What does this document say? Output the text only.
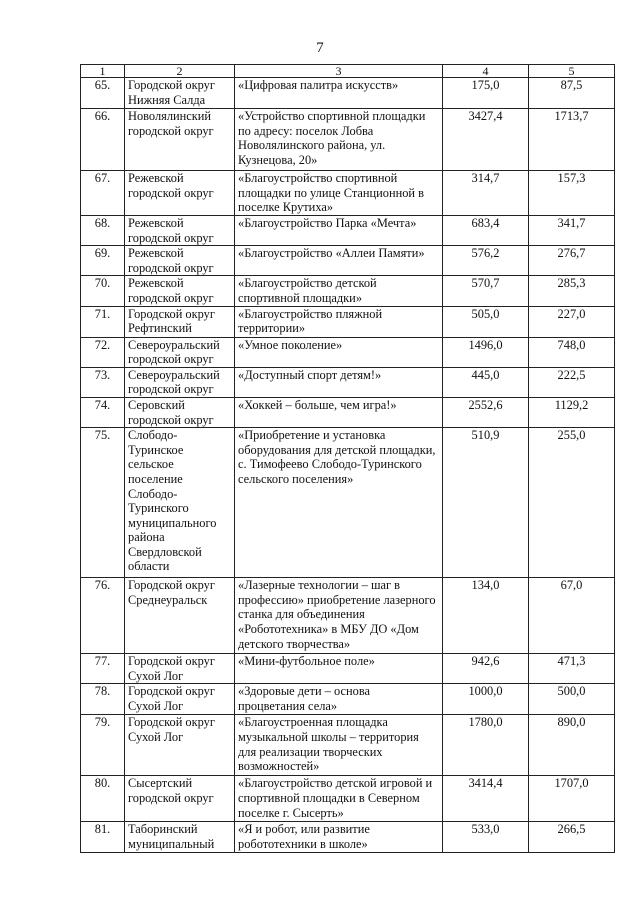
7
1	2	3	4	5
65.	Городской округ Нижняя Салда	«Цифровая палитра искусств»	175,0	87,5
66.	Новолялинский городской округ	«Устройство спортивной площадки по адресу: поселок Лобва Новолялинского района, ул. Кузнецова, 20»	3427,4	1713,7
67.	Режевской городской округ	«Благоустройство спортивной площадки по улице Станционной в поселке Крутиха»	314,7	157,3
68.	Режевской городской округ	«Благоустройство Парка «Мечта»	683,4	341,7
69.	Режевской городской округ	«Благоустройство «Аллеи Памяти»	576,2	276,7
70.	Режевской городской округ	«Благоустройство детской спортивной площадки»	570,7	285,3
71.	Городской округ Рефтинский	«Благоустройство пляжной территории»	505,0	227,0
72.	Североуральский городской округ	«Умное поколение»	1496,0	748,0
73.	Североуральский городской округ	«Доступный спорт детям!»	445,0	222,5
74.	Серовский городской округ	«Хоккей – больше, чем игра!»	2552,6	1129,2
75.	Слободо-Туринское сельское поселение Слободо-Туринского муниципального района Свердловской области	«Приобретение и установка оборудования для детской площадки, с. Тимофеево Слободо-Туринского сельского поселения»	510,9	255,0
76.	Городской округ Среднеуральск	«Лазерные технологии – шаг в профессию» приобретение лазерного станка для объединения «Робототехника» в МБУ ДО «Дом детского творчества»	134,0	67,0
77.	Городской округ Сухой Лог	«Мини-футбольное поле»	942,6	471,3
78.	Городской округ Сухой Лог	«Здоровые дети – основа процветания села»	1000,0	500,0
79.	Городской округ Сухой Лог	«Благоустроенная площадка музыкальной школы – территория для реализации творческих возможностей»	1780,0	890,0
80.	Сысертский городской округ	«Благоустройство детской игровой и спортивной площадки в Северном поселке г. Сысерть»	3414,4	1707,0
81.	Таборинский муниципальный	«Я и робот, или развитие робототехники в школе»	533,0	266,5
